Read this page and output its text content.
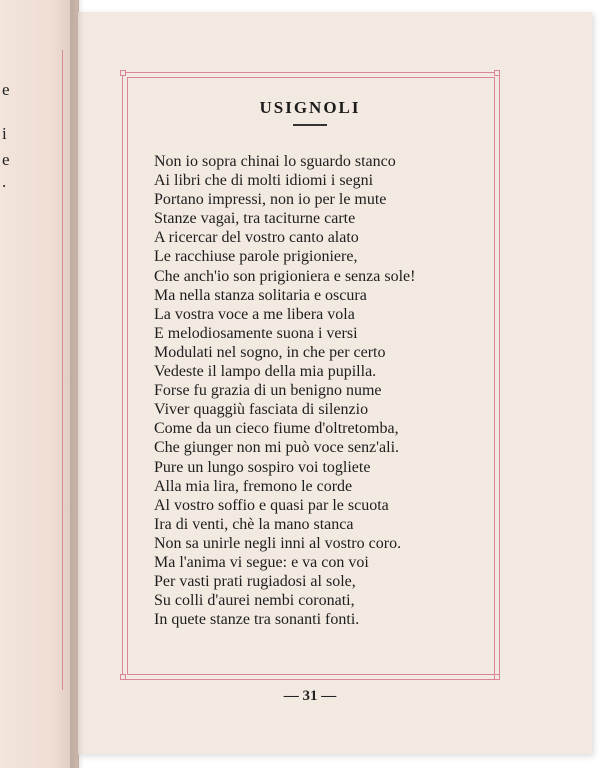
e
i
e
.
USIGNOLI
Non io sopra chinai lo sguardo stanco
Ai libri che di molti idiomi i segni
Portano impressi, non io per le mute
Stanze vagai, tra taciturne carte
A ricercar del vostro canto alato
Le racchiuse parole prigioniere,
Che anch'io son prigioniera e senza sole!
Ma nella stanza solitaria e oscura
La vostra voce a me libera vola
E melodiosamente suona i versi
Modulati nel sogno, in che per certo
Vedeste il lampo della mia pupilla.
Forse fu grazia di un benigno nume
Viver quaggiù fasciata di silenzio
Come da un cieco fiume d'oltretomba,
Che giunger non mi può voce senz'ali.
Pure un lungo sospiro voi togliete
Alla mia lira, fremono le corde
Al vostro soffio e quasi par le scuota
Ira di venti, chè la mano stanca
Non sa unirle negli inni al vostro coro.
Ma l'anima vi segue: e va con voi
Per vasti prati rugiadosi al sole,
Su colli d'aurei nembi coronati,
In quete stanze tra sonanti fonti.
— 31 —
